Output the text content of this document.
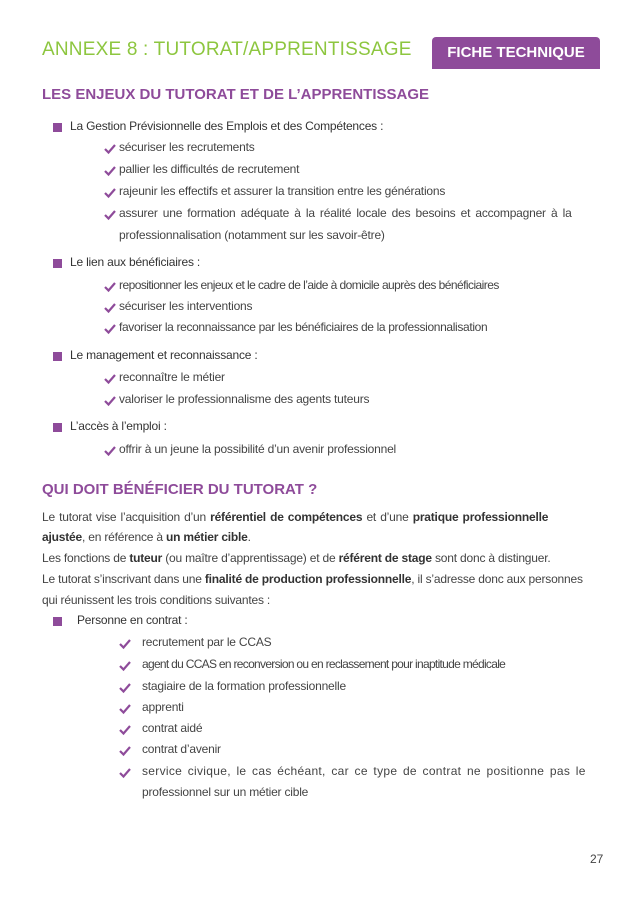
ANNEXE 8 : TUTORAT/APPRENTISSAGE	FICHE TECHNIQUE
LES ENJEUX DU TUTORAT ET DE L’APPRENTISSAGE
La Gestion Prévisionnelle des Emplois et des Compétences :
sécuriser les recrutements
pallier les difficultés de recrutement
rajeunir les effectifs et assurer la transition entre les générations
assurer une formation adéquate à la réalité locale des besoins et accompagner à la
professionnalisation (notamment sur les savoir-être)
Le lien aux bénéficiaires :
repositionner les enjeux et le cadre de l’aide à domicile auprès des bénéficiaires
sécuriser les interventions
favoriser la reconnaissance par les bénéficiaires de la professionnalisation
Le management et reconnaissance :
reconnaître le métier
valoriser le professionnalisme des agents tuteurs
L’accès à l’emploi :
offrir à un jeune la possibilité d’un avenir professionnel
QUI DOIT BÉNÉFICIER DU TUTORAT ?
Le tutorat vise l’acquisition d’un référentiel de compétences et d’une pratique professionnelle
ajustée, en référence à un métier cible.
Les fonctions de tuteur (ou maître d’apprentissage) et de référent de stage sont donc à distinguer.
Le tutorat s’inscrivant dans une finalité de production professionnelle, il s’adresse donc aux personnes
qui réunissent les trois conditions suivantes :
Personne en contrat :
recrutement par le CCAS
agent du CCAS en reconversion ou en reclassement pour inaptitude médicale
stagiaire de la formation professionnelle
apprenti
contrat aidé
contrat d’avenir
service civique, le cas échéant, car ce type de contrat ne positionne pas le
professionnel sur un métier cible
27
